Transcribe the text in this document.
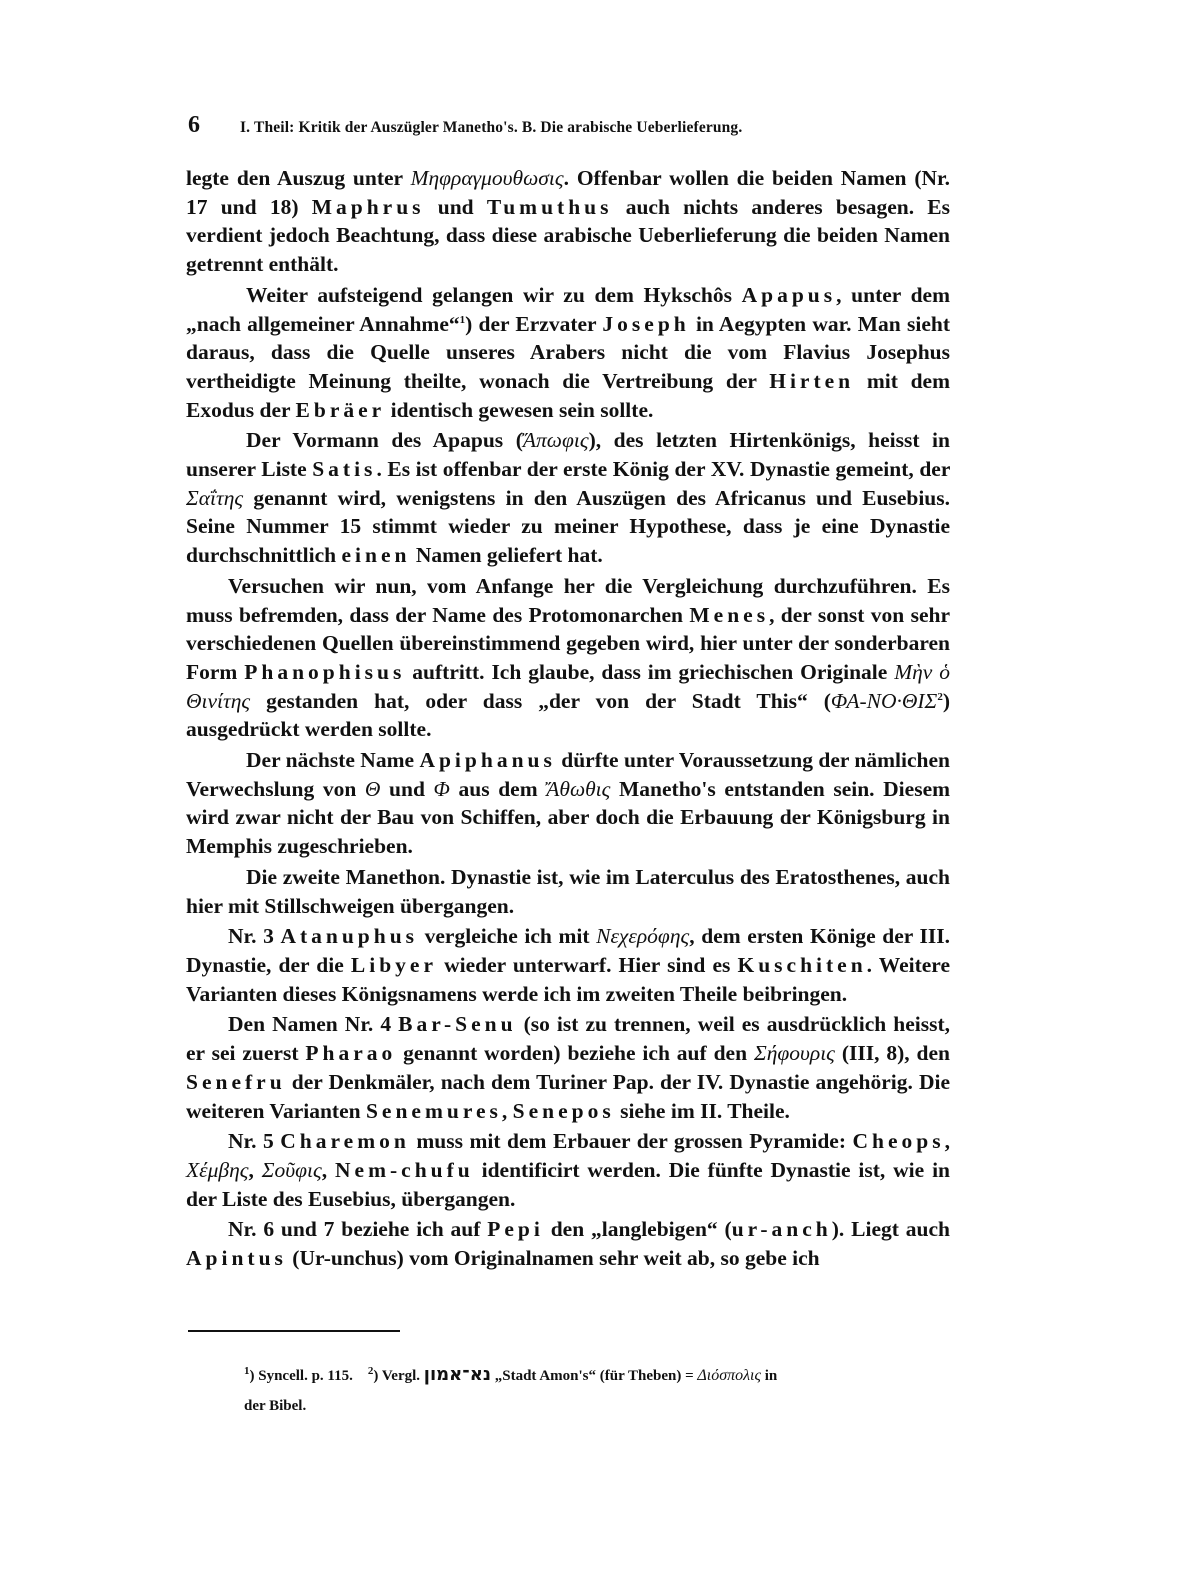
6	I. Theil: Kritik der Auszügler Manetho's. B. Die arabische Ueberlieferung.

legte den Auszug unter Μηφραγμουθωσις. Offenbar wollen die beiden Namen (Nr. 17 und 18) Maphrus und Tumuthus auch nichts anderes besagen. Es verdient jedoch Beachtung, dass diese arabische Ueberlieferung die beiden Namen getrennt enthält.

Weiter aufsteigend gelangen wir zu dem Hykschôs Apapus, unter dem „nach allgemeiner Annahme“$^1$) der Erzvater Joseph in Aegypten war. Man sieht daraus, dass die Quelle unseres Arabers nicht die vom Flavius Josephus vertheidigte Meinung theilte, wonach die Vertreibung der Hirten mit dem Exodus der Ebräer identisch gewesen sein sollte.

Der Vormann des Apapus (Ἄπωφις), des letzten Hirtenkönigs, heisst in unserer Liste Satis. Es ist offenbar der erste König der XV. Dynastie gemeint, der Σαΐτης genannt wird, wenigstens in den Auszügen des Africanus und Eusebius. Seine Nummer 15 stimmt wieder zu meiner Hypothese, dass je eine Dynastie durchschnittlich einen Namen geliefert hat.

Versuchen wir nun, vom Anfange her die Vergleichung durchzuführen. Es muss befremden, dass der Name des Protomonarchen Menes, der sonst von sehr verschiedenen Quellen übereinstimmend gegeben wird, hier unter der sonderbaren Form Phanophisus auftritt. Ich glaube, dass im griechischen Originale Μὴν ὁ Θινίτης gestanden hat, oder dass „der von der Stadt This“ $(\Phi A-NO\cdot\Theta I\Sigma^2)$ ausgedrückt werden sollte.

Der nächste Name Apiphanus dürfte unter Voraussetzung der nämlichen Verwechslung von Θ und Φ aus dem Ἄθωθις Manetho's entstanden sein. Diesem wird zwar nicht der Bau von Schiffen, aber doch die Erbauung der Königsburg in Memphis zugeschrieben.

Die zweite Manethon. Dynastie ist, wie im Laterculus des Eratosthenes, auch hier mit Stillschweigen übergangen.

Nr. 3 Atanuphus vergleiche ich mit Νεχερόφης, dem ersten Könige der III. Dynastie, der die Libyer wieder unterwarf. Hier sind es Kuschiten. Weitere Varianten dieses Königsnamens werde ich im zweiten Theile beibringen.

Den Namen Nr. 4 Bar-Senu (so ist zu trennen, weil es ausdrücklich heisst, er sei zuerst Pharao genannt worden) beziehe ich auf den Σήφουρις (III, 8), den Senefru der Denkmäler, nach dem Turiner Pap. der IV. Dynastie angehörig. Die weiteren Varianten Senemures, Senepos siehe im II. Theile.

Nr. 5 Charemon muss mit dem Erbauer der grossen Pyramide: Cheops, Χέμβης, Σοῦφις, Nem-chufu identificirt werden. Die fünfte Dynastie ist, wie in der Liste des Eusebius, übergangen.

Nr. 6 und 7 beziehe ich auf Pepi den „langlebigen“ (ur-anch). Liegt auch Apintus (Ur-unchus) vom Originalnamen sehr weit ab, so gebe ich

$^1$) Syncell. p. 115. $^2$) Vergl. נא־אמון „Stadt Amon's“ (für Theben) = Διόσπολις in
der Bibel.
